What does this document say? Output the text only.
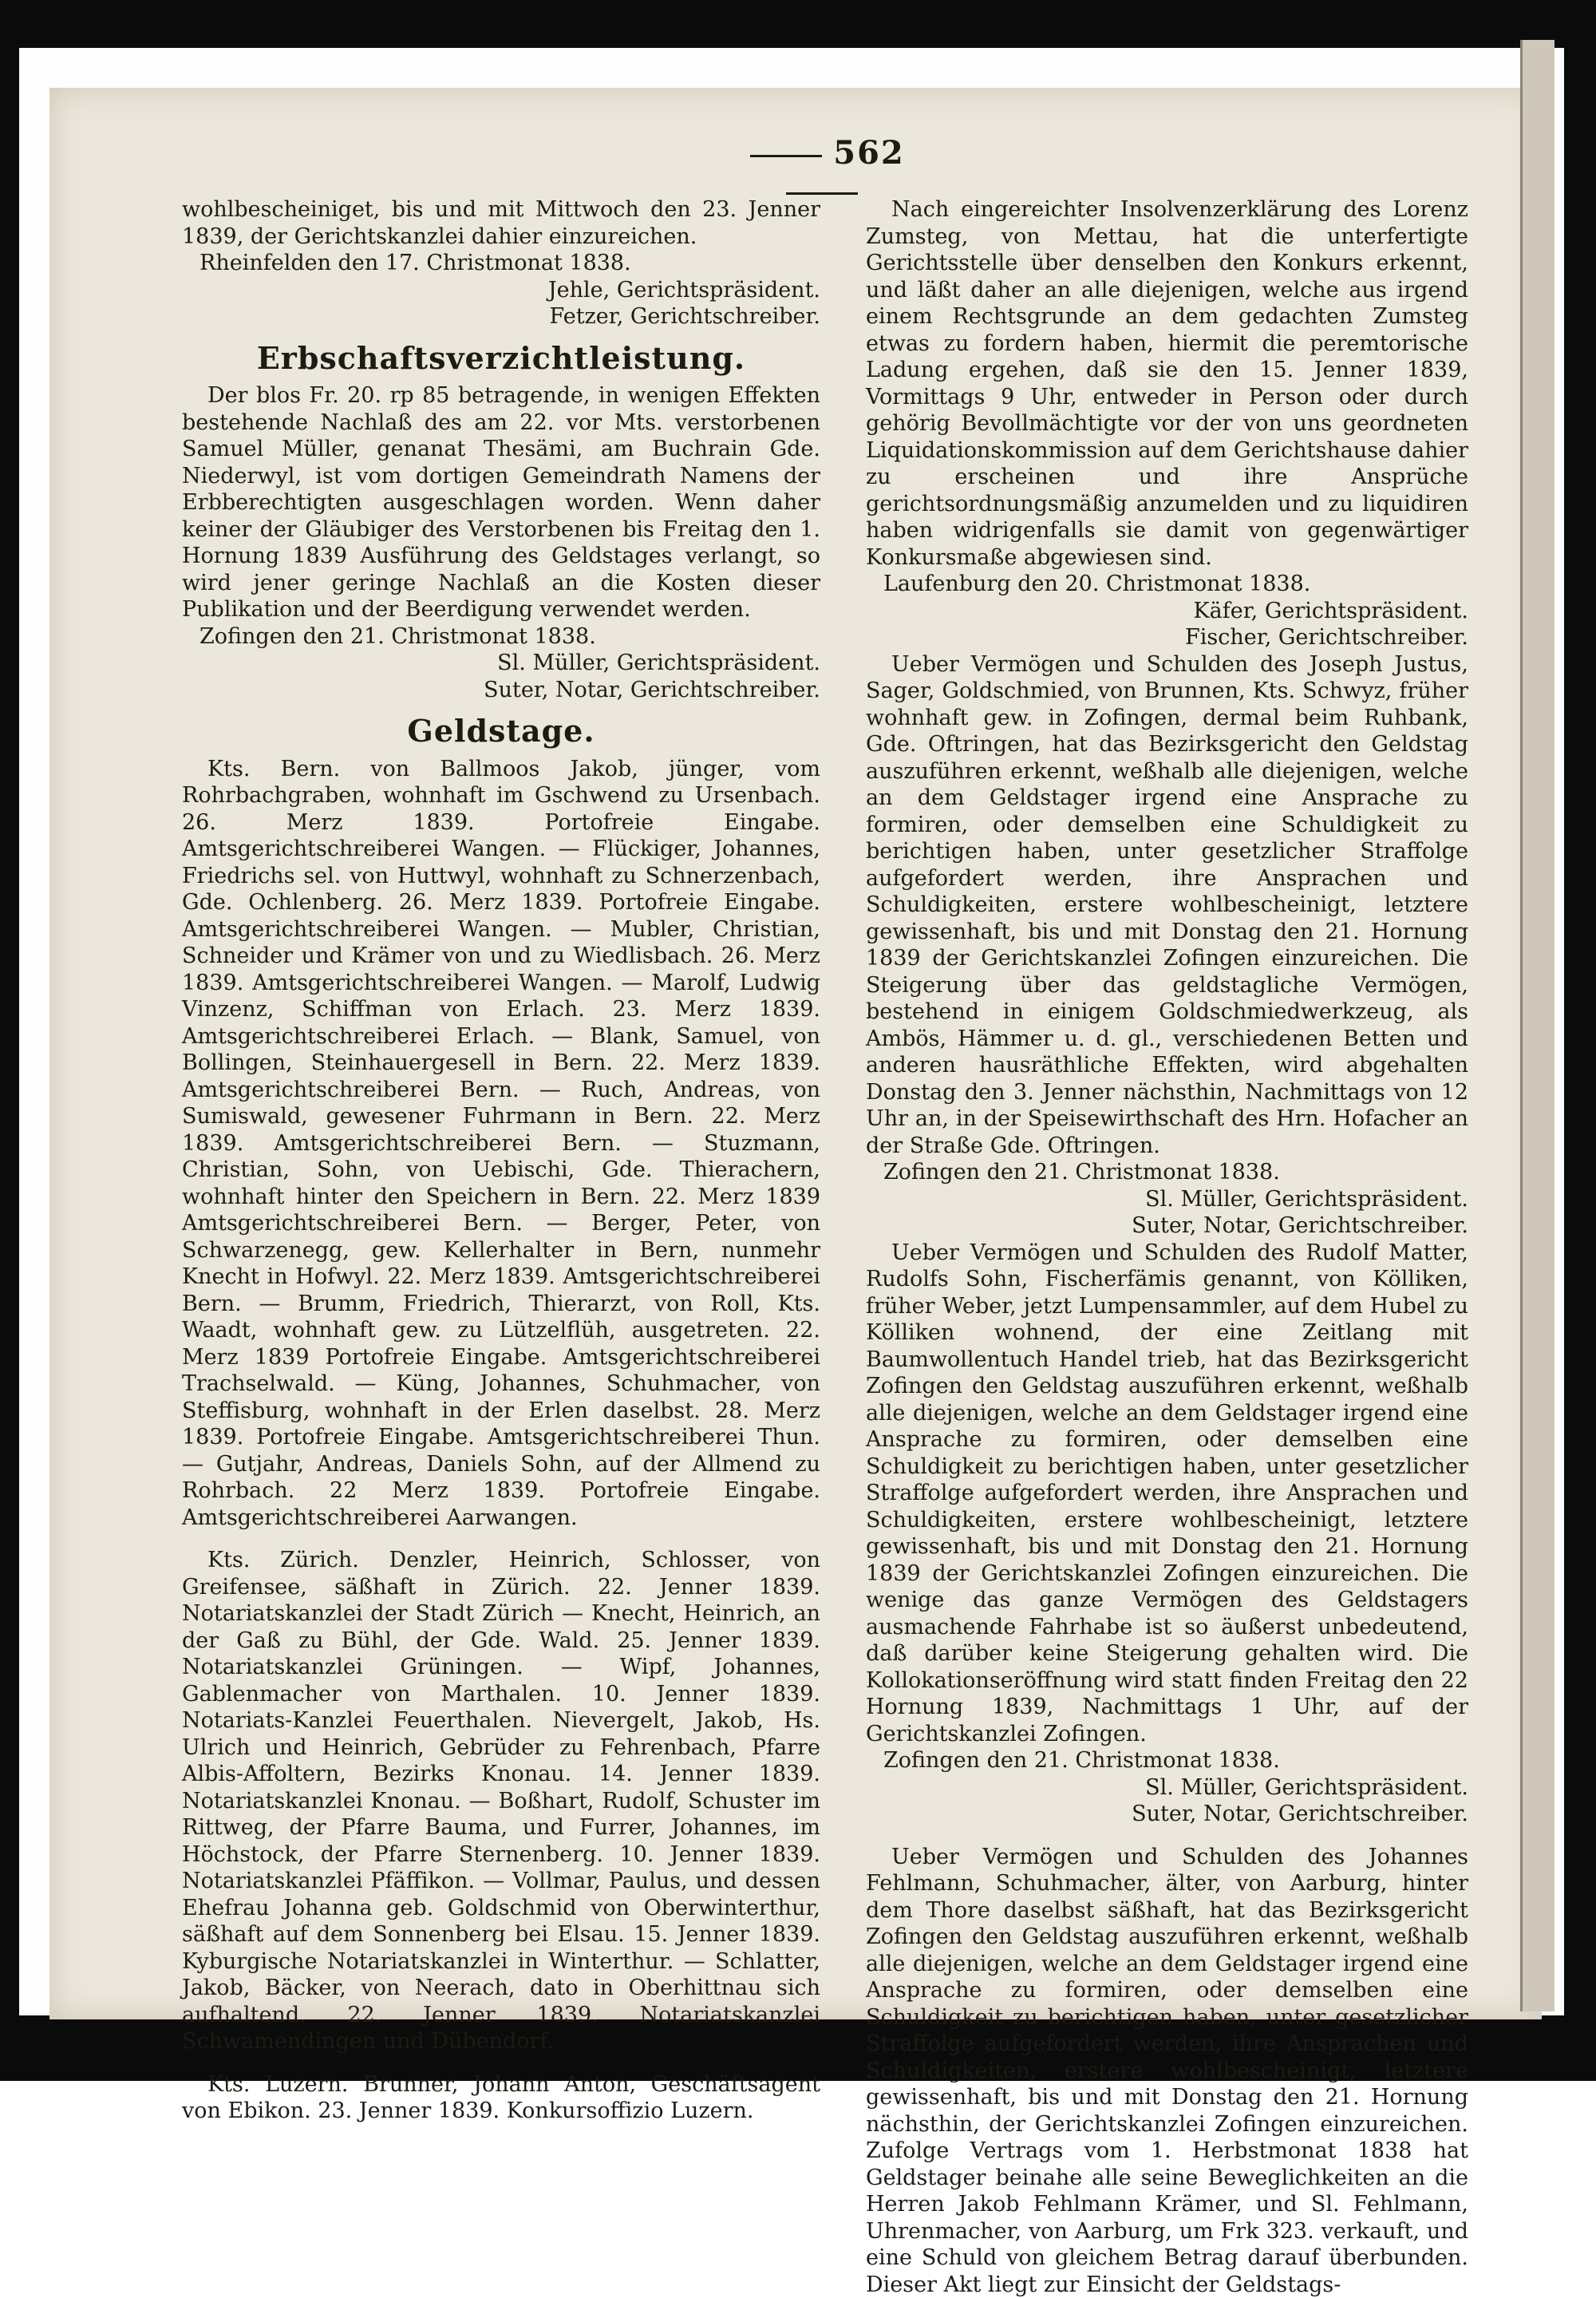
562

wohlbescheiniget, bis und mit Mittwoch den 23. Jenner 1839, der Gerichtskanzlei dahier einzureichen.

Rheinfelden den 17. Christmonat 1838.

Jehle, Gerichtspräsident.

Fetzer, Gerichtschreiber.

Erbschaftsverzichtleistung.

Der blos Fr. 20. rp 85 betragende, in wenigen Effekten bestehende Nachlaß des am 22. vor Mts. verstorbenen Samuel Müller, genanat Thesämi, am Buchrain Gde. Niederwyl, ist vom dortigen Gemeindrath Namens der Erbberechtigten ausgeschlagen worden. Wenn daher keiner der Gläubiger des Verstorbenen bis Freitag den 1. Hornung 1839 Ausführung des Geldstages verlangt, so wird jener geringe Nachlaß an die Kosten dieser Publikation und der Beerdigung verwendet werden.

Zofingen den 21. Christmonat 1838.

Sl. Müller, Gerichtspräsident.

Suter, Notar, Gerichtschreiber.

Geldstage.

Kts. Bern. von Ballmoos Jakob, jünger, vom Rohrbachgraben, wohnhaft im Gschwend zu Ursenbach. 26. Merz 1839. Portofreie Eingabe. Amtsgerichtschreiberei Wangen. — Flückiger, Johannes, Friedrichs sel. von Huttwyl, wohnhaft zu Schnerzenbach, Gde. Ochlenberg. 26. Merz 1839. Portofreie Eingabe. Amtsgerichtschreiberei Wangen. — Mubler, Christian, Schneider und Krämer von und zu Wiedlisbach. 26. Merz 1839. Amtsgerichtschreiberei Wangen. — Marolf, Ludwig Vinzenz, Schiffman von Erlach. 23. Merz 1839. Amtsgerichtschreiberei Erlach. — Blank, Samuel, von Bollingen, Steinhauergesell in Bern. 22. Merz 1839. Amtsgerichtschreiberei Bern. — Ruch, Andreas, von Sumiswald, gewesener Fuhrmann in Bern. 22. Merz 1839. Amtsgerichtschreiberei Bern. — Stuzmann, Christian, Sohn, von Uebischi, Gde. Thierachern, wohnhaft hinter den Speichern in Bern. 22. Merz 1839 Amtsgerichtschreiberei Bern. — Berger, Peter, von Schwarzenegg, gew. Kellerhalter in Bern, nunmehr Knecht in Hofwyl. 22. Merz 1839. Amtsgerichtschreiberei Bern. — Brumm, Friedrich, Thierarzt, von Roll, Kts. Waadt, wohnhaft gew. zu Lützelflüh, ausgetreten. 22. Merz 1839 Portofreie Eingabe. Amtsgerichtschreiberei Trachselwald. — Küng, Johannes, Schuhmacher, von Steffisburg, wohnhaft in der Erlen daselbst. 28. Merz 1839. Portofreie Eingabe. Amtsgerichtschreiberei Thun. — Gutjahr, Andreas, Daniels Sohn, auf der Allmend zu Rohrbach. 22 Merz 1839. Portofreie Eingabe. Amtsgerichtschreiberei Aarwangen.

Kts. Zürich. Denzler, Heinrich, Schlosser, von Greifensee, säßhaft in Zürich. 22. Jenner 1839. Notariatskanzlei der Stadt Zürich — Knecht, Heinrich, an der Gaß zu Bühl, der Gde. Wald. 25. Jenner 1839. Notariatskanzlei Grüningen. — Wipf, Johannes, Gablenmacher von Marthalen. 10. Jenner 1839. Notariats-Kanzlei Feuerthalen. Nievergelt, Jakob, Hs. Ulrich und Heinrich, Gebrüder zu Fehrenbach, Pfarre Albis-Affoltern, Bezirks Knonau. 14. Jenner 1839. Notariatskanzlei Knonau. — Boßhart, Rudolf, Schuster im Rittweg, der Pfarre Bauma, und Furrer, Johannes, im Höchstock, der Pfarre Sternenberg. 10. Jenner 1839. Notariatskanzlei Pfäffikon. — Vollmar, Paulus, und dessen Ehefrau Johanna geb. Goldschmid von Oberwinterthur, säßhaft auf dem Sonnenberg bei Elsau. 15. Jenner 1839. Kyburgische Notariatskanzlei in Winterthur. — Schlatter, Jakob, Bäcker, von Neerach, dato in Oberhittnau sich aufhaltend. 22. Jenner 1839. Notariatskanzlei Schwamendingen und Dübendorf.

Kts. Luzern. Brunner, Johann Anton, Geschäftsagent von Ebikon. 23. Jenner 1839. Konkursoffizio Luzern.

Nach eingereichter Insolvenzerklärung des Lorenz Zumsteg, von Mettau, hat die unterfertigte Gerichtsstelle über denselben den Konkurs erkennt, und läßt daher an alle diejenigen, welche aus irgend einem Rechtsgrunde an dem gedachten Zumsteg etwas zu fordern haben, hiermit die peremtorische Ladung ergehen, daß sie den 15. Jenner 1839, Vormittags 9 Uhr, entweder in Person oder durch gehörig Bevollmächtigte vor der von uns geordneten Liquidationskommission auf dem Gerichtshause dahier zu erscheinen und ihre Ansprüche gerichtsordnungsmäßig anzumelden und zu liquidiren haben widrigenfalls sie damit von gegenwärtiger Konkursmaße abgewiesen sind.

Laufenburg den 20. Christmonat 1838.

Käfer, Gerichtspräsident.

Fischer, Gerichtschreiber.

Ueber Vermögen und Schulden des Joseph Justus, Sager, Goldschmied, von Brunnen, Kts. Schwyz, früher wohnhaft gew. in Zofingen, dermal beim Ruhbank, Gde. Oftringen, hat das Bezirksgericht den Geldstag auszuführen erkennt, weßhalb alle diejenigen, welche an dem Geldstager irgend eine Ansprache zu formiren, oder demselben eine Schuldigkeit zu berichtigen haben, unter gesetzlicher Straffolge aufgefordert werden, ihre Ansprachen und Schuldigkeiten, erstere wohlbescheinigt, letztere gewissenhaft, bis und mit Donstag den 21. Hornung 1839 der Gerichtskanzlei Zofingen einzureichen. Die Steigerung über das geldstagliche Vermögen, bestehend in einigem Goldschmiedwerkzeug, als Ambös, Hämmer u. d. gl., verschiedenen Betten und anderen hausräthliche Effekten, wird abgehalten Donstag den 3. Jenner nächsthin, Nachmittags von 12 Uhr an, in der Speisewirthschaft des Hrn. Hofacher an der Straße Gde. Oftringen.

Zofingen den 21. Christmonat 1838.

Sl. Müller, Gerichtspräsident.

Suter, Notar, Gerichtschreiber.

Ueber Vermögen und Schulden des Rudolf Matter, Rudolfs Sohn, Fischerfämis genannt, von Kölliken, früher Weber, jetzt Lumpensammler, auf dem Hubel zu Kölliken wohnend, der eine Zeitlang mit Baumwollentuch Handel trieb, hat das Bezirksgericht Zofingen den Geldstag auszuführen erkennt, weßhalb alle diejenigen, welche an dem Geldstager irgend eine Ansprache zu formiren, oder demselben eine Schuldigkeit zu berichtigen haben, unter gesetzlicher Straffolge aufgefordert werden, ihre Ansprachen und Schuldigkeiten, erstere wohlbescheinigt, letztere gewissenhaft, bis und mit Donstag den 21. Hornung 1839 der Gerichtskanzlei Zofingen einzureichen. Die wenige das ganze Vermögen des Geldstagers ausmachende Fahrhabe ist so äußerst unbedeutend, daß darüber keine Steigerung gehalten wird. Die Kollokationseröffnung wird statt finden Freitag den 22 Hornung 1839, Nachmittags 1 Uhr, auf der Gerichtskanzlei Zofingen.

Zofingen den 21. Christmonat 1838.

Sl. Müller, Gerichtspräsident.

Suter, Notar, Gerichtschreiber.

Ueber Vermögen und Schulden des Johannes Fehlmann, Schuhmacher, älter, von Aarburg, hinter dem Thore daselbst säßhaft, hat das Bezirksgericht Zofingen den Geldstag auszuführen erkennt, weßhalb alle diejenigen, welche an dem Geldstager irgend eine Ansprache zu formiren, oder demselben eine Schuldigkeit zu berichtigen haben, unter gesetzlicher Straffolge aufgefordert werden, ihre Ansprachen und Schuldigkeiten, erstere wohlbescheinigt, letztere gewissenhaft, bis und mit Donstag den 21. Hornung nächsthin, der Gerichtskanzlei Zofingen einzureichen. Zufolge Vertrags vom 1. Herbstmonat 1838 hat Geldstager beinahe alle seine Beweglichkeiten an die Herren Jakob Fehlmann Krämer, und Sl. Fehlmann, Uhrenmacher, von Aarburg, um Frk 323. verkauft, und eine Schuld von gleichem Betrag darauf überbunden. Dieser Akt liegt zur Einsicht der Geldstags-
